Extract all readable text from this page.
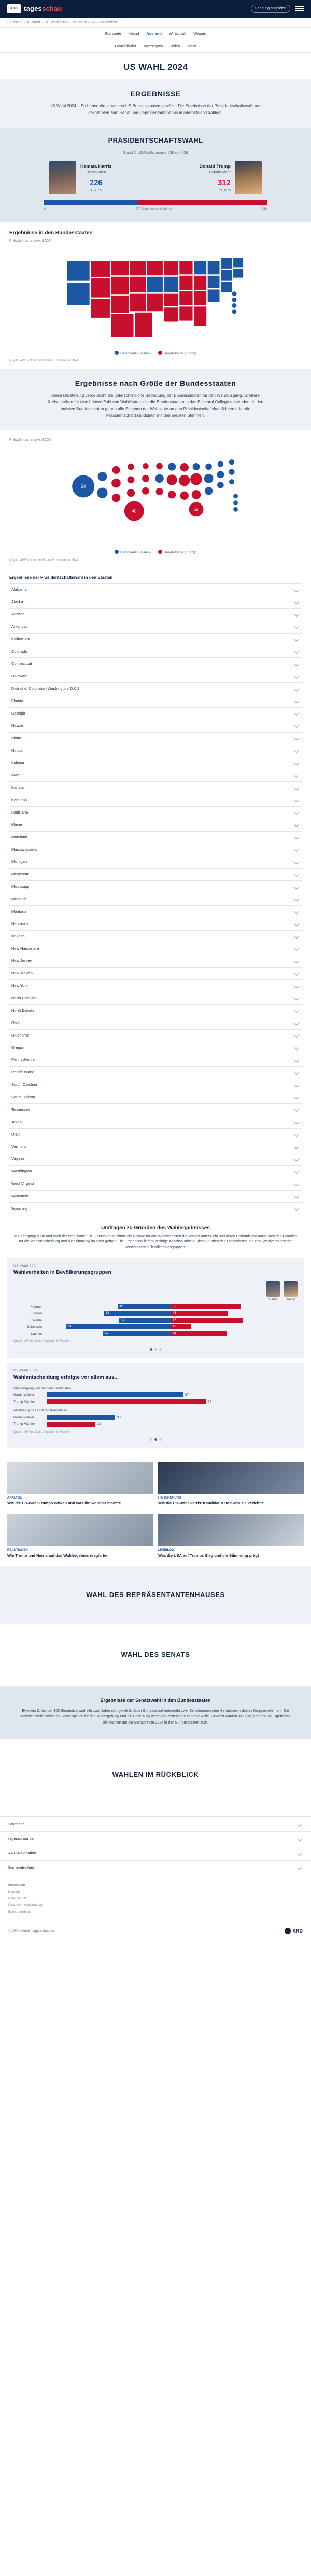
ARD tagesschau	Sendung abspielen
Startseite › Ausland › US-Wahl 2024 › US-Wahl 2024 – Ergebnisse
Startseite Inland Ausland Wirtschaft Wissen
Faktenfinder Investigativ Video Mehr
US WAHL 2024
ERGEBNISSE

US-Wahl 2024 – So haben die einzelnen US-Bundesstaaten gewählt: Die Ergebnisse der Präsidentschaftswahl und der Wahlen zum Senat und Repräsentantenhaus in interaktiven Grafiken.

PRÄSIDENTSCHAFTSWAHL
Stand 6. US-Wahlstimmen: 538 von 538
Kamala Harris
Demokraten
226
42,0 %
Donald Trump
Republikaner
312
58,0 %
0	270 Stimmen zur Mehrheit	538
Ergebnisse in den Bundesstaaten
Präsidentschaftswahl 2024
Demokraten (Harris)	Republikaner (Trump)
Quelle: AP/Election.com/Stand 6. November 2024
Ergebnisse nach Größe der Bundesstaaten

Diese Darstellung verdeutlicht die unterschiedliche Bedeutung der Bundesstaaten für den Wahlausgang. Größere Kreise stehen für eine höhere Zahl von Wahlleuten, die die Bundesstaaten in das Electoral College entsenden. In den meisten Bundesstaaten gehen alle Stimmen der Wahlleute an den Präsidentschaftskandidaten oder die Präsidentschaftskandidatin mit den meisten Stimmen.

Präsidentschaftswahl 2024
54
40	30
Demokraten (Harris)	Republikaner (Trump)
Quelle: AP/Election.com/Stand 6. November 2024
Ergebnisse der Präsidentschaftswahl in den Staaten
Alabama
Alaska
Arizona
Arkansas
Kalifornien
Colorado
Connecticut
Delaware
District of Columbia (Washington, D.C.)
Florida
Georgia
Hawaii
Idaho
Illinois
Indiana
Iowa
Kansas
Kentucky
Louisiana
Maine
Maryland
Massachusetts
Michigan
Minnesota
Mississippi
Missouri
Montana
Nebraska
Nevada
New Hampshire
New Jersey
New Mexico
New York
North Carolina
North Dakota
Ohio
Oklahoma
Oregon
Pennsylvania
Rhode Island
South Carolina
South Dakota
Tennessee
Texas
Utah
Vermont
Virginia
Washington
West Virginia
Wisconsin
Wyoming
Umfragen zu Gründen des Wahlergebnisses
In Befragungen am und nach der Wahl haben US-Forschungsinstitute die Gründe für das Wahlverhalten der Wähler untersucht und deren Herkunft und auch nach den Gründen für die Wahlentscheidung und die Stimmung im Land gefragt. Die Ergebnisse liefern wichtige Anhaltspunkte zu den Gründen des Ergebnisses und zum Wahlverhalten der verschiedenen Bevölkerungsgruppen.
US-Wahl 2024
Wahlverhalten in Bevölkerungsgruppen
Harris	Trump
Männer	42	55
Frauen	53	45
Weiße	41	57
Schwarze	83	16
Latinos	54	44
Quelle: AP VoteCast, Angaben in Prozent
US-Wahl 2024
Wahlentscheidung erfolgte vor allem aus...
Überzeugung von meinem Kandidaten
Harris-Wähler	67
Trump-Wähler	77
Ablehnung des anderen Kandidaten
Harris-Wähler	33
Trump-Wähler	23
Quelle: AP VoteCast, Angaben in Prozent
ANALYSE
Wie die US-Wahl Trumps Wirken und was ihn wählbar machte
HINTERGRUND
Wie die US-Wahl Harris' Kandidatur und was sie verfehlte
REAKTIONEN
Wie Trump und Harris auf das Wahlergebnis reagierten
LIVEBLOG
Was die USA auf Trumps Sieg und die Stimmung prägt
WAHL DES REPRÄSENTANTENHAUSES
WAHL DES SENATS
Ergebnisse der Senatswahl in den Bundesstaaten

Etwa ein Drittel der 100 Senatsitze wird alle zwei Jahre neu gewählt. Jeder Bundesstaat entsendet zwei Senatorinnen oder Senatoren in dieses Kongresselement. Die Mehrheitsverhältnisse im Senat spielen für die Gesetzgebung und die Besetzung wichtiger Posten eine zentrale Rolle. Gewählt wurden 34 Sitze, über die 34 Ergebnisse der Wahlen um die Senatorsitze 2024 in den Bundesstaaten zum.

WAHLEN IM RÜCKBLICK
Startseite
tagesschau.de
ARD-Navigation
Barrierefreiheit
Impressum
Kontakt
Datenschutz
Datenschutzeinstellung
Barrierefreiheit
© ARD-aktuell / tagesschau.de	ARD
